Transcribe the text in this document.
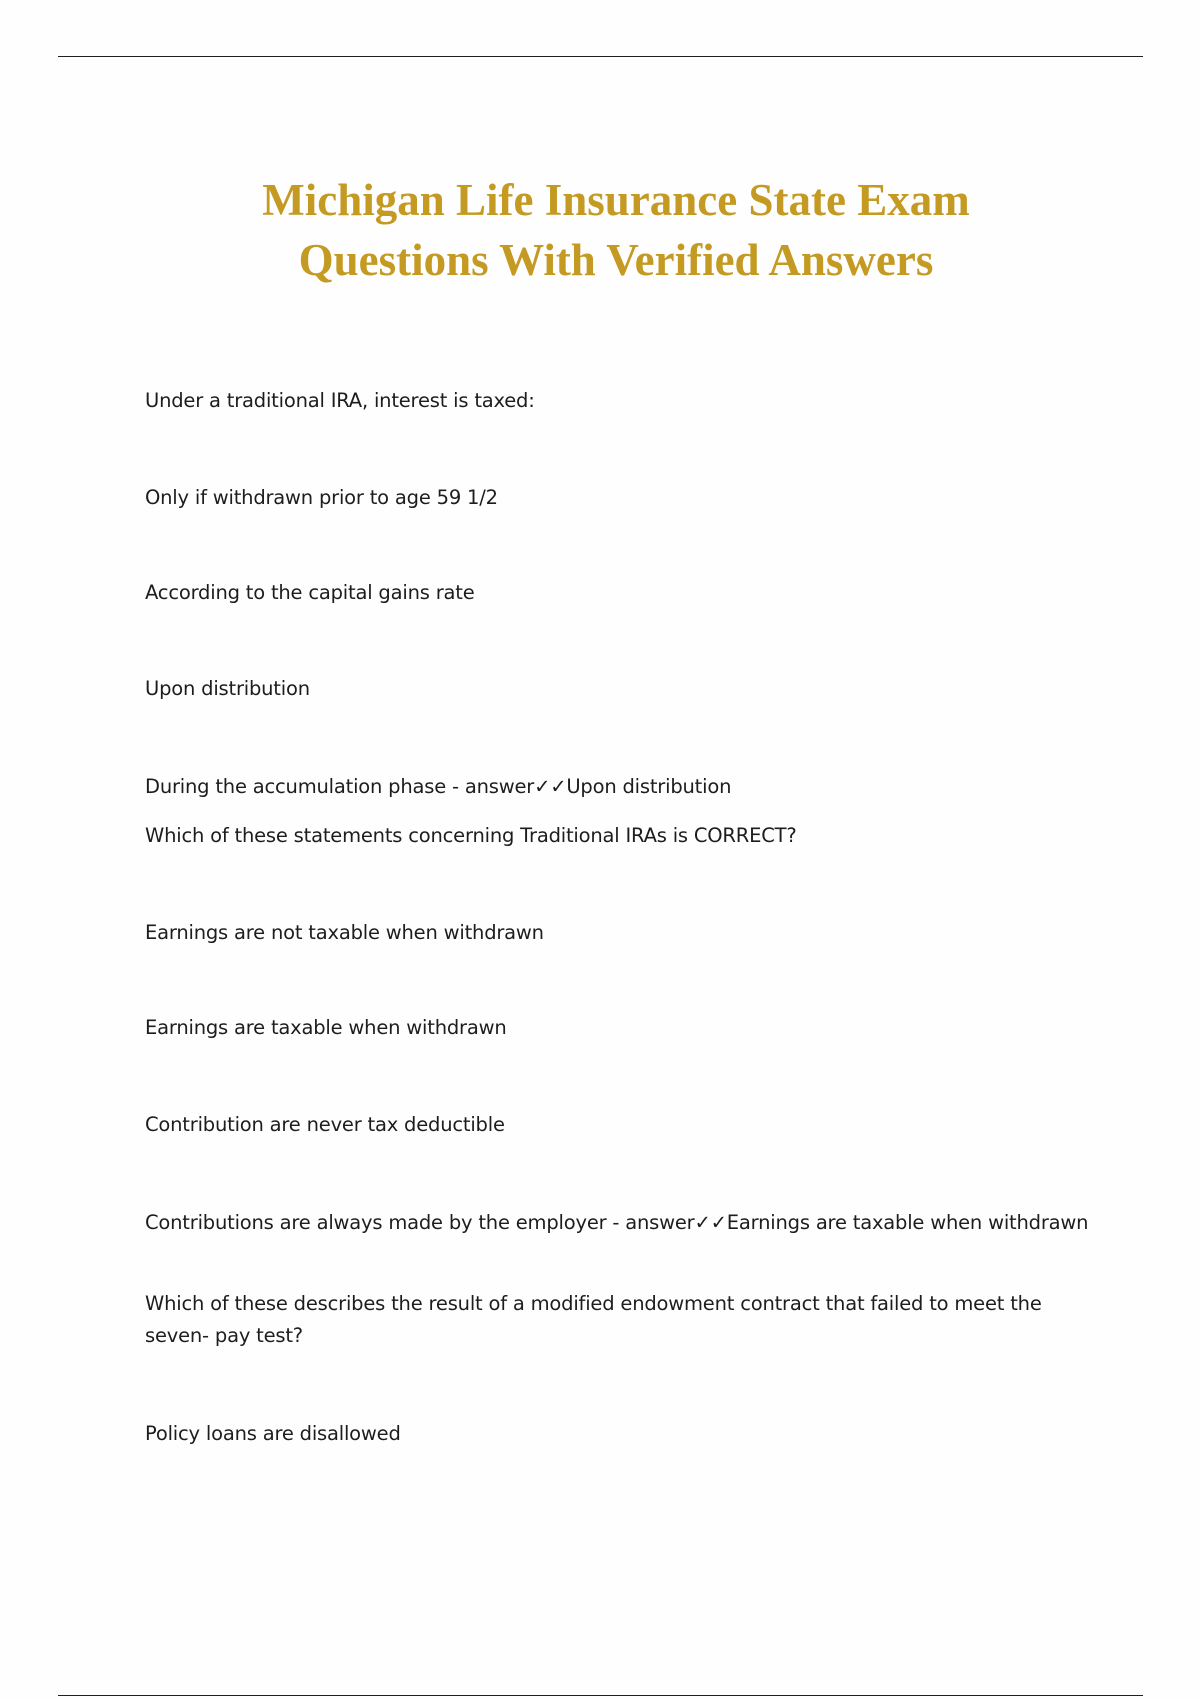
Michigan Life Insurance State Exam
Questions With Verified Answers

Under a traditional IRA, interest is taxed:

Only if withdrawn prior to age 59 1/2

According to the capital gains rate

Upon distribution

During the accumulation phase - answer✓✓Upon distribution

Which of these statements concerning Traditional IRAs is CORRECT?

Earnings are not taxable when withdrawn

Earnings are taxable when withdrawn

Contribution are never tax deductible

Contributions are always made by the employer - answer✓✓Earnings are taxable when withdrawn

Which of these describes the result of a modified endowment contract that failed to meet the seven- pay test?

Policy loans are disallowed
